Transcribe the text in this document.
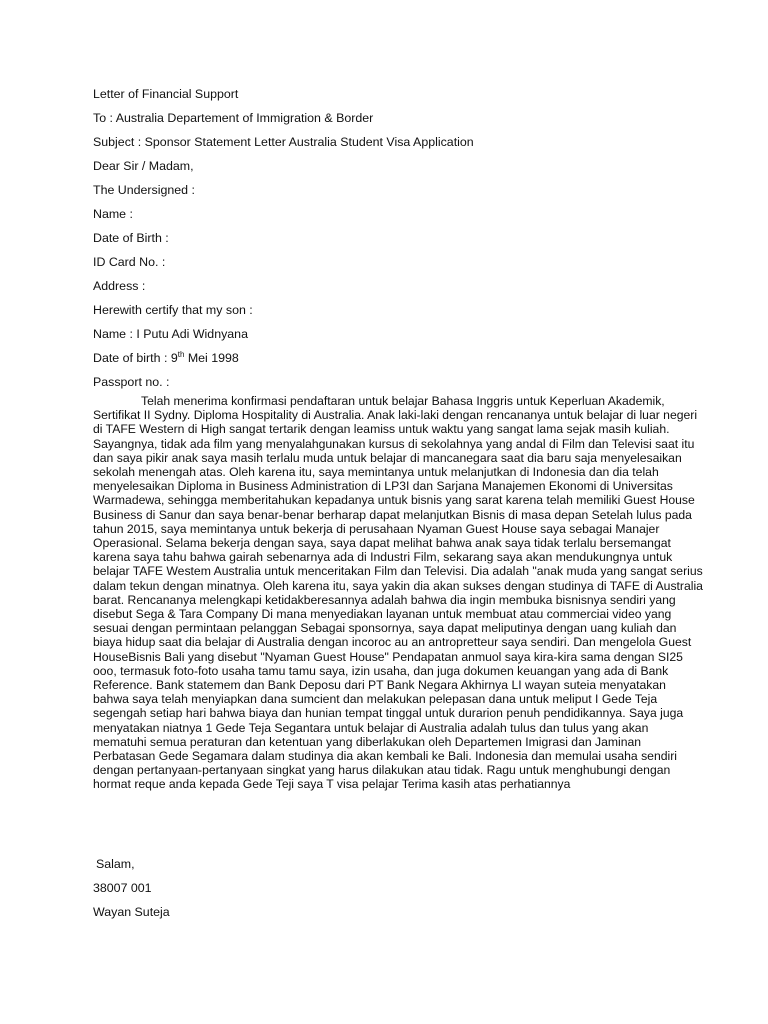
Letter of Financial Support
To : Australia Departement of Immigration & Border
Subject : Sponsor Statement Letter Australia Student Visa Application
Dear Sir / Madam,
The Undersigned :
Name :
Date of Birth :
ID Card No. :
Address :
Herewith certify that my son :
Name : I Putu Adi Widnyana
Date of birth : 9th Mei 1998
Passport no. :

Telah menerima konfirmasi pendaftaran untuk belajar Bahasa Inggris untuk Keperluan Akademik, Sertifikat II Sydny. Diploma Hospitality di Australia. Anak laki-laki dengan rencananya untuk belajar di luar negeri di TAFE Western di High sangat tertarik dengan leamiss untuk waktu yang sangat lama sejak masih kuliah. Sayangnya, tidak ada film yang menyalahgunakan kursus di sekolahnya yang andal di Film dan Televisi saat itu dan saya pikir anak saya masih terlalu muda untuk belajar di mancanegara saat dia baru saja menyelesaikan sekolah menengah atas. Oleh karena itu, saya memintanya untuk melanjutkan di Indonesia dan dia telah menyelesaikan Diploma in Business Administration di LP3I dan Sarjana Manajemen Ekonomi di Universitas Warmadewa, sehingga memberitahukan kepadanya untuk bisnis yang sarat karena telah memiliki Guest House Business di Sanur dan saya benar-benar berharap dapat melanjutkan Bisnis di masa depan Setelah lulus pada tahun 2015, saya memintanya untuk bekerja di perusahaan Nyaman Guest House saya sebagai Manajer Operasional. Selama bekerja dengan saya, saya dapat melihat bahwa anak saya tidak terlalu bersemangat karena saya tahu bahwa gairah sebenarnya ada di Industri Film, sekarang saya akan mendukungnya untuk belajar TAFE Westem Australia untuk menceritakan Film dan Televisi. Dia adalah "anak muda yang sangat serius dalam tekun dengan minatnya. Oleh karena itu, saya yakin dia akan sukses dengan studinya di TAFE di Australia barat. Rencananya melengkapi ketidakberesannya adalah bahwa dia ingin membuka bisnisnya sendiri yang disebut Sega & Tara Company Di mana menyediakan layanan untuk membuat atau commerciai video yang sesuai dengan permintaan pelanggan Sebagai sponsornya, saya dapat meliputinya dengan uang kuliah dan biaya hidup saat dia belajar di Australia dengan incoroc au an antropretteur saya sendiri. Dan mengelola Guest HouseBisnis Bali yang disebut "Nyaman Guest House" Pendapatan anmuol saya kira-kira sama dengan SI25 ooo, termasuk foto-foto usaha tamu tamu saya, izin usaha, dan juga dokumen keuangan yang ada di Bank Reference. Bank statemem dan Bank Deposu dari PT Bank Negara Akhirnya LI wayan suteia menyatakan bahwa saya telah menyiapkan dana sumcient dan melakukan pelepasan dana untuk meliput I Gede Teja segengah setiap hari bahwa biaya dan hunian tempat tinggal untuk durarion penuh pendidikannya. Saya juga menyatakan niatnya 1 Gede Teja Segantara untuk belajar di Australia adalah tulus dan tulus yang akan mematuhi semua peraturan dan ketentuan yang diberlakukan oleh Departemen Imigrasi dan Jaminan Perbatasan Gede Segamara dalam studinya dia akan kembali ke Bali. Indonesia dan memulai usaha sendiri dengan pertanyaan-pertanyaan singkat yang harus dilakukan atau tidak. Ragu untuk menghubungi dengan hormat reque anda kepada Gede Teji saya T visa pelajar Terima kasih atas perhatiannya

Salam,
38007 001
Wayan Suteja
